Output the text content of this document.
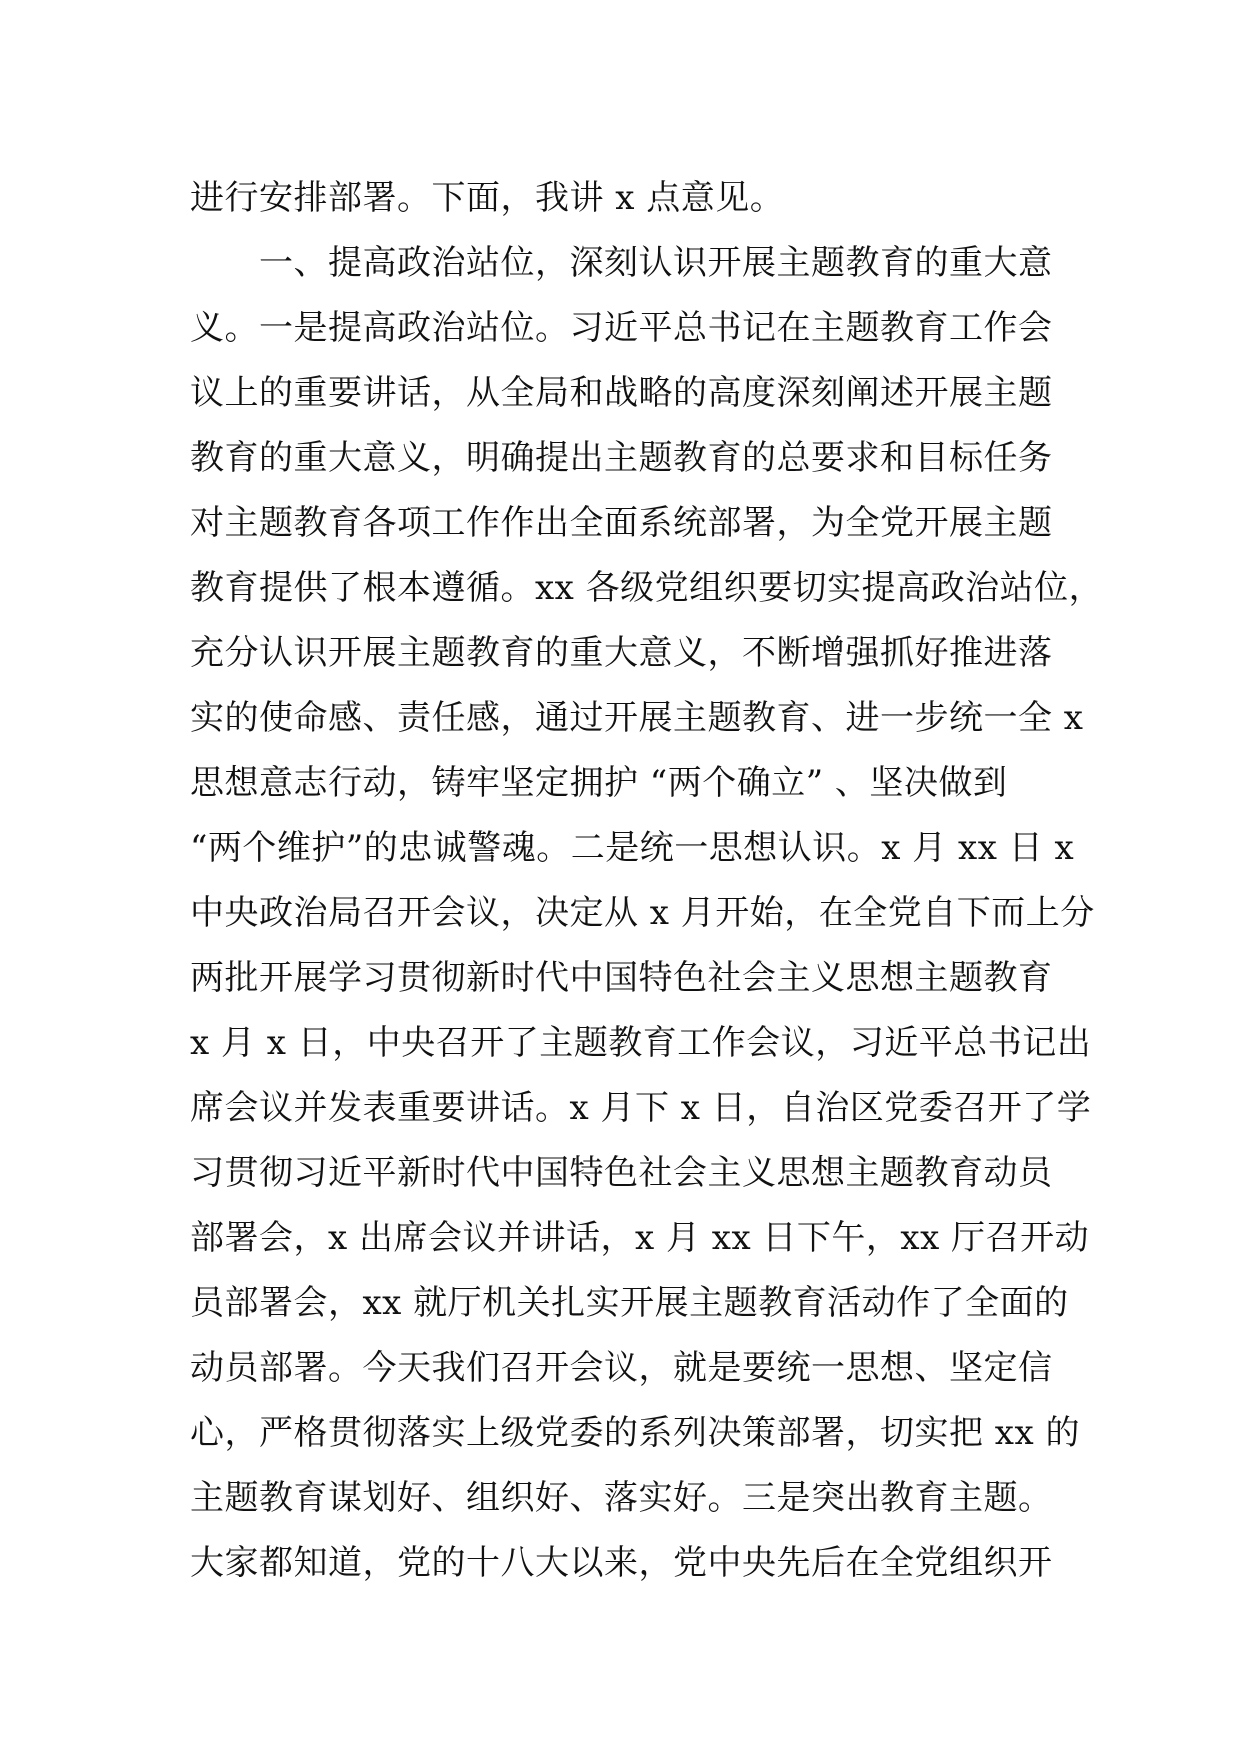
进行安排部署。下面，我讲 x 点意见。
　　一、提高政治站位，深刻认识开展主题教育的重大意
义。一是提高政治站位。习近平总书记在主题教育工作会
议上的重要讲话，从全局和战略的高度深刻阐述开展主题
教育的重大意义，明确提出主题教育的总要求和目标任务
对主题教育各项工作作出全面系统部署，为全党开展主题
教育提供了根本遵循。xx 各级党组织要切实提高政治站位，
充分认识开展主题教育的重大意义，不断增强抓好推进落
实的使命感、责任感，通过开展主题教育、进一步统一全 x
思想意志行动，铸牢坚定拥护 “两个确立” 、坚决做到
“两个维护”的忠诚警魂。二是统一思想认识。x 月 xx 日 x
中央政治局召开会议，决定从 x 月开始，在全党自下而上分
两批开展学习贯彻新时代中国特色社会主义思想主题教育
x 月 x 日，中央召开了主题教育工作会议，习近平总书记出
席会议并发表重要讲话。x 月下 x 日，自治区党委召开了学
习贯彻习近平新时代中国特色社会主义思想主题教育动员
部署会，x 出席会议并讲话，x 月 xx 日下午，xx 厅召开动
员部署会，xx 就厅机关扎实开展主题教育活动作了全面的
动员部署。今天我们召开会议，就是要统一思想、坚定信
心，严格贯彻落实上级党委的系列决策部署，切实把 xx 的
主题教育谋划好、组织好、落实好。三是突出教育主题。
大家都知道，党的十八大以来，党中央先后在全党组织开
